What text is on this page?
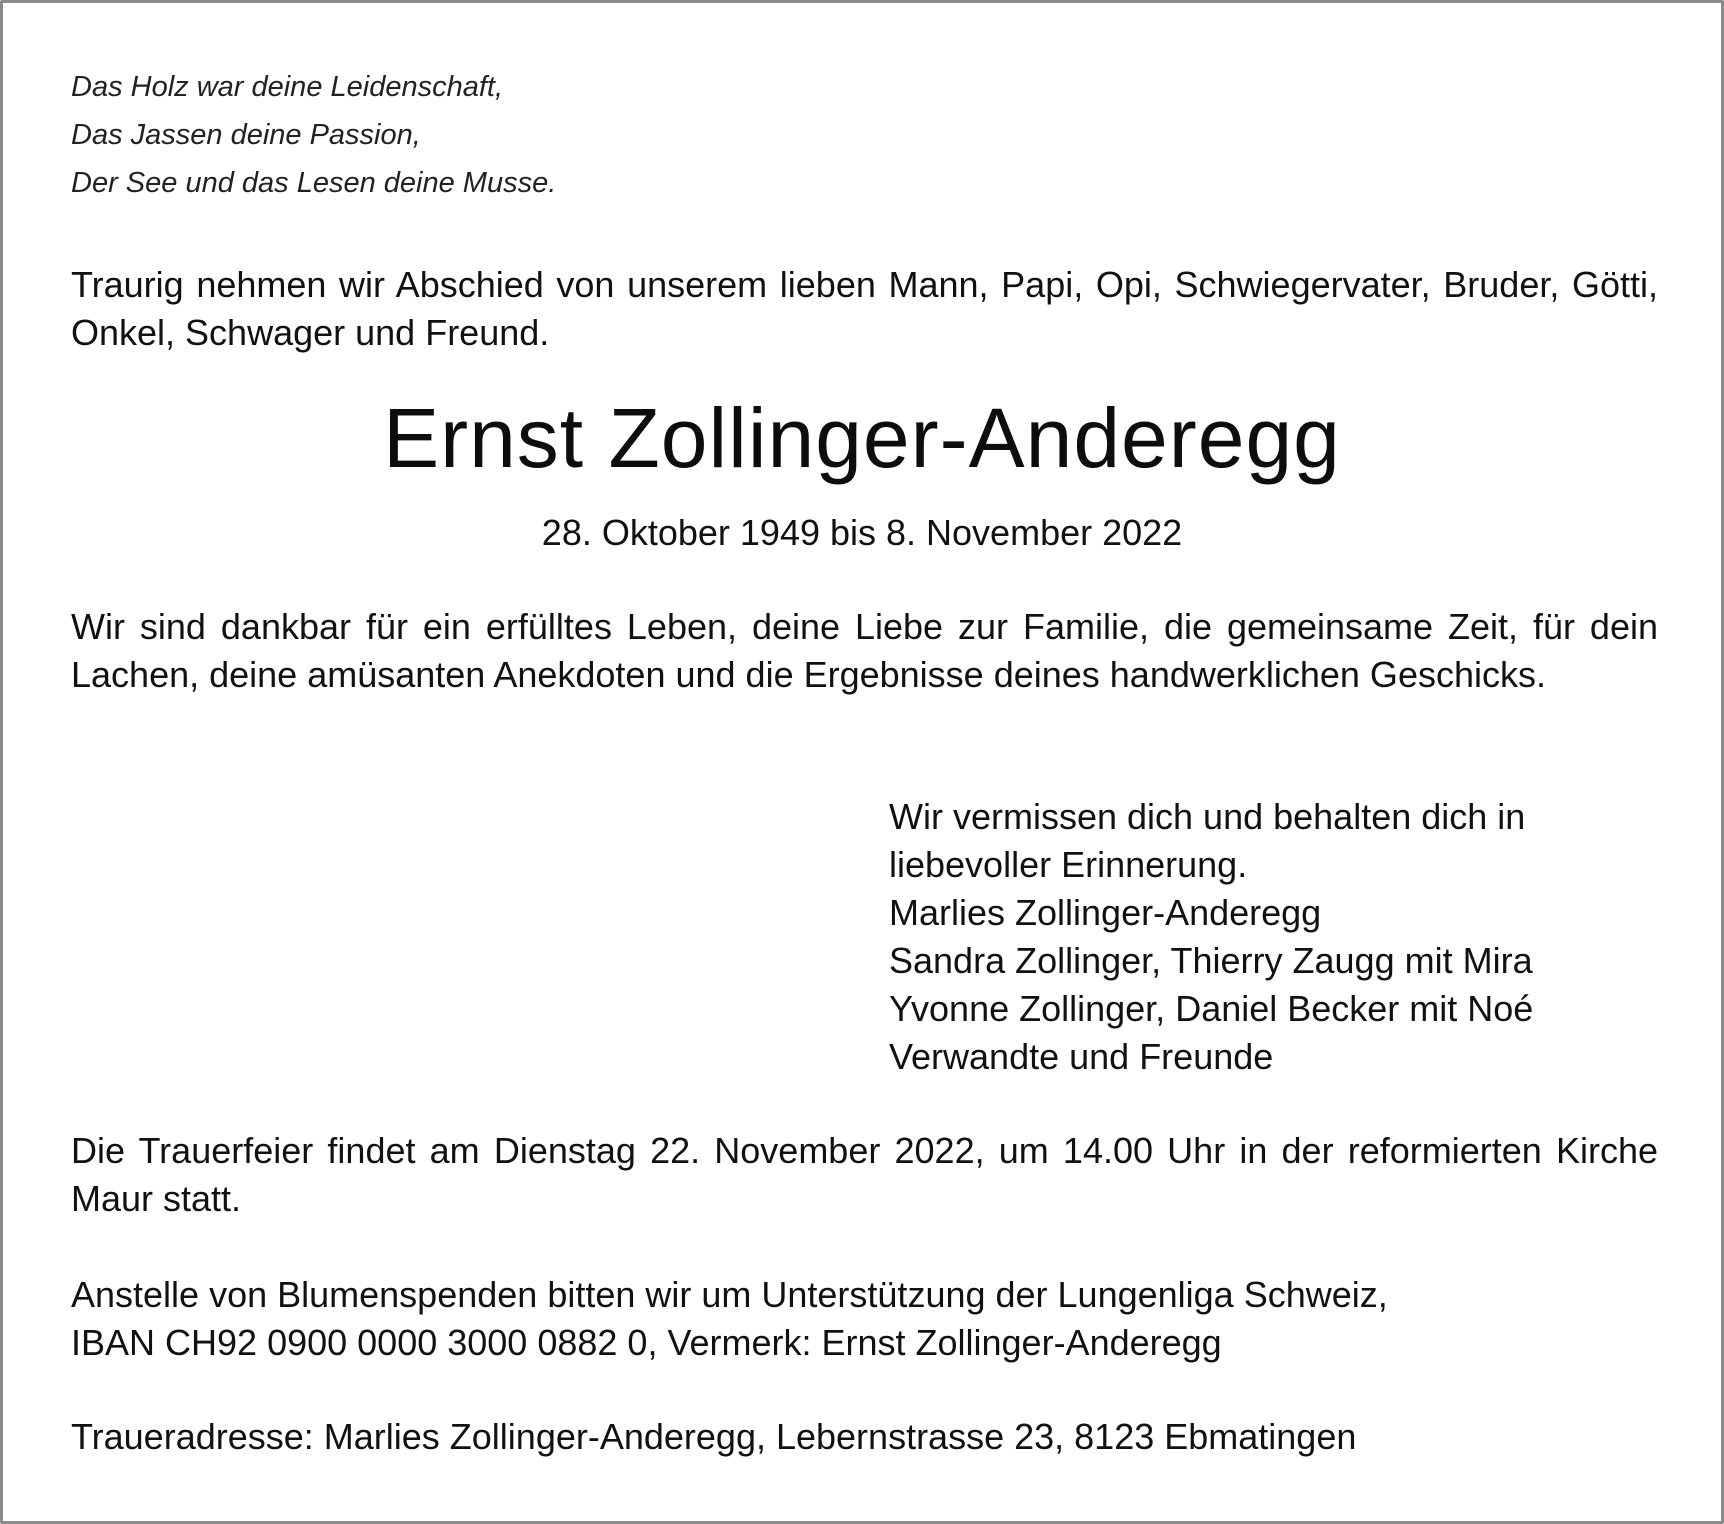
Das Holz war deine Leidenschaft,
Das Jassen deine Passion,
Der See und das Lesen deine Musse.
Traurig nehmen wir Abschied von unserem lieben Mann, Papi, Opi, Schwiegervater, Bruder, Götti, Onkel, Schwager und Freund.
Ernst Zollinger-Anderegg
28. Oktober 1949 bis 8. November 2022
Wir sind dankbar für ein erfülltes Leben, deine Liebe zur Familie, die gemeinsame Zeit, für dein Lachen, deine amüsanten Anekdoten und die Ergebnisse deines handwerklichen Geschicks.
Wir vermissen dich und behalten dich in
liebevoller Erinnerung.
Marlies Zollinger-Anderegg
Sandra Zollinger, Thierry Zaugg mit Mira
Yvonne Zollinger, Daniel Becker mit Noé
Verwandte und Freunde
Die Trauerfeier findet am Dienstag 22. November 2022, um 14.00 Uhr in der reformierten Kirche Maur statt.
Anstelle von Blumenspenden bitten wir um Unterstützung der Lungenliga Schweiz,
IBAN CH92 0900 0000 3000 0882 0, Vermerk: Ernst Zollinger-Anderegg
Traueradresse: Marlies Zollinger-Anderegg, Lebernstrasse 23, 8123 Ebmatingen
